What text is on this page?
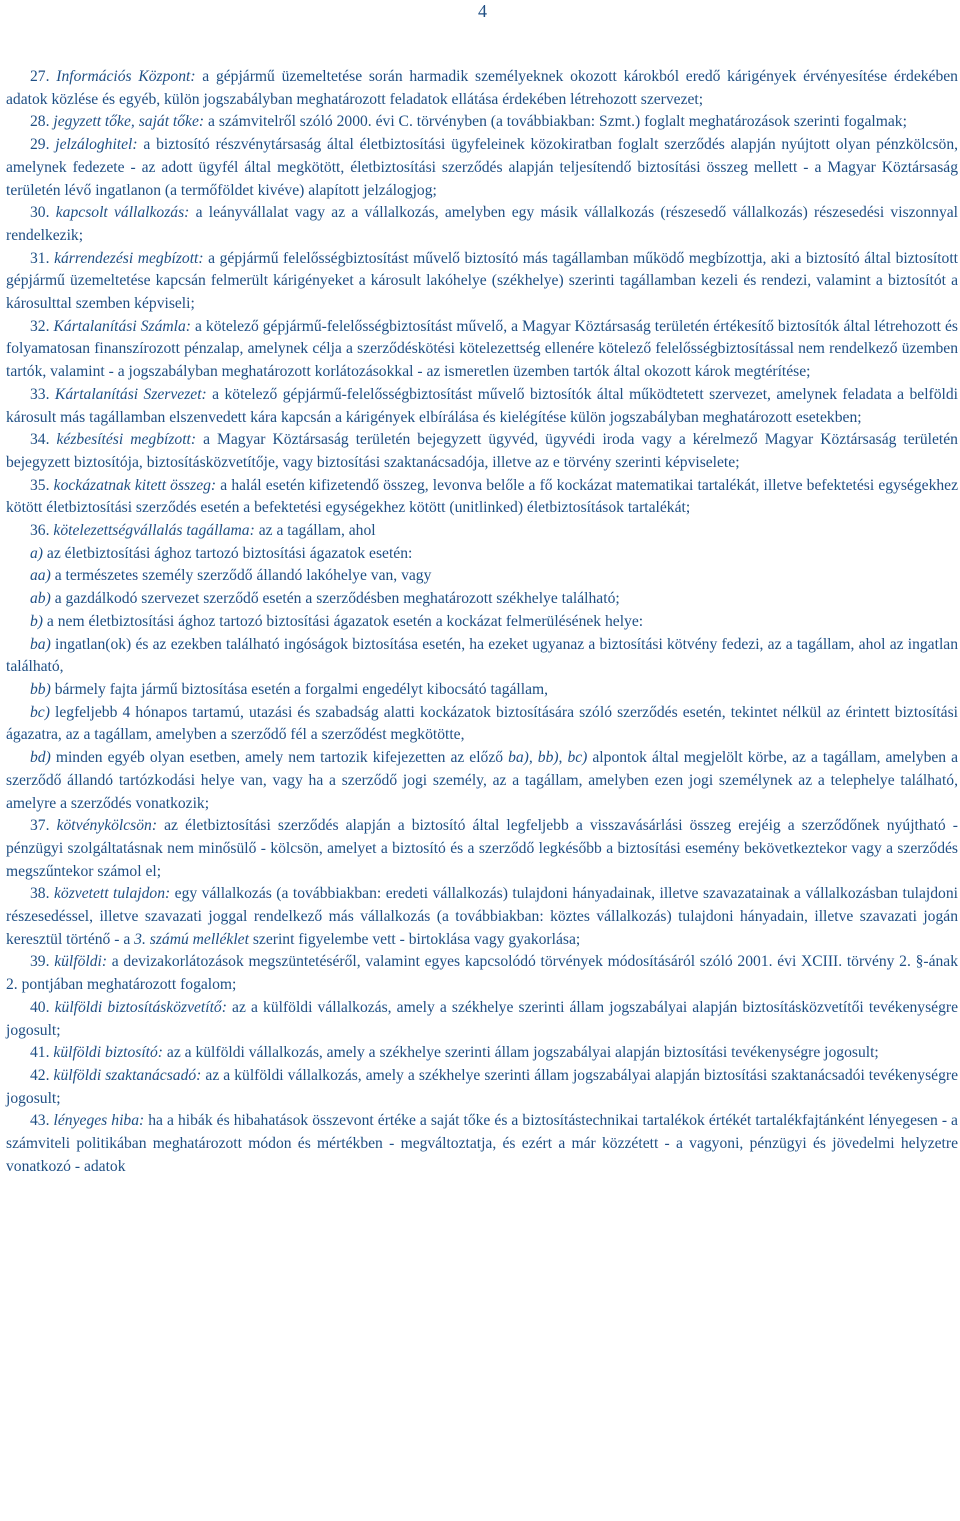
4

27. Információs Központ: a gépjármű üzemeltetése során harmadik személyeknek okozott károkból eredő kárigények érvényesítése érdekében adatok közlése és egyéb, külön jogszabályban meghatározott feladatok ellátása érdekében létrehozott szervezet;

28. jegyzett tőke, saját tőke: a számvitelről szóló 2000. évi C. törvényben (a továbbiakban: Szmt.) foglalt meghatározások szerinti fogalmak;

29. jelzáloghitel: a biztosító részvénytársaság által életbiztosítási ügyfeleinek közokiratban foglalt szerződés alapján nyújtott olyan pénzkölcsön, amelynek fedezete - az adott ügyfél által megkötött, életbiztosítási szerződés alapján teljesítendő biztosítási összeg mellett - a Magyar Köztársaság területén lévő ingatlanon (a termőföldet kivéve) alapított jelzálogjog;

30. kapcsolt vállalkozás: a leányvállalat vagy az a vállalkozás, amelyben egy másik vállalkozás (részesedő vállalkozás) részesedési viszonnyal rendelkezik;

31. kárrendezési megbízott: a gépjármű felelősségbiztosítást művelő biztosító más tagállamban működő megbízottja, aki a biztosító által biztosított gépjármű üzemeltetése kapcsán felmerült kárigényeket a károsult lakóhelye (székhelye) szerinti tagállamban kezeli és rendezi, valamint a biztosítót a károsulttal szemben képviseli;

32. Kártalanítási Számla: a kötelező gépjármű-felelősségbiztosítást művelő, a Magyar Köztársaság területén értékesítő biztosítók által létrehozott és folyamatosan finanszírozott pénzalap, amelynek célja a szerződéskötési kötelezettség ellenére kötelező felelősségbiztosítással nem rendelkező üzemben tartók, valamint - a jogszabályban meghatározott korlátozásokkal - az ismeretlen üzemben tartók által okozott károk megtérítése;

33. Kártalanítási Szervezet: a kötelező gépjármű-felelősségbiztosítást művelő biztosítók által működtetett szervezet, amelynek feladata a belföldi károsult más tagállamban elszenvedett kára kapcsán a kárigények elbírálása és kielégítése külön jogszabályban meghatározott esetekben;

34. kézbesítési megbízott: a Magyar Köztársaság területén bejegyzett ügyvéd, ügyvédi iroda vagy a kérelmező Magyar Köztársaság területén bejegyzett biztosítója, biztosításközvetítője, vagy biztosítási szaktanácsadója, illetve az e törvény szerinti képviselete;

35. kockázatnak kitett összeg: a halál esetén kifizetendő összeg, levonva belőle a fő kockázat matematikai tartalékát, illetve befektetési egységekhez kötött életbiztosítási szerződés esetén a befektetési egységekhez kötött (unitlinked) életbiztosítások tartalékát;

36. kötelezettségvállalás tagállama: az a tagállam, ahol

a) az életbiztosítási ághoz tartozó biztosítási ágazatok esetén:

aa) a természetes személy szerződő állandó lakóhelye van, vagy

ab) a gazdálkodó szervezet szerződő esetén a szerződésben meghatározott székhelye található;

b) a nem életbiztosítási ághoz tartozó biztosítási ágazatok esetén a kockázat felmerülésének helye:

ba) ingatlan(ok) és az ezekben található ingóságok biztosítása esetén, ha ezeket ugyanaz a biztosítási kötvény fedezi, az a tagállam, ahol az ingatlan található,

bb) bármely fajta jármű biztosítása esetén a forgalmi engedélyt kibocsátó tagállam,

bc) legfeljebb 4 hónapos tartamú, utazási és szabadság alatti kockázatok biztosítására szóló szerződés esetén, tekintet nélkül az érintett biztosítási ágazatra, az a tagállam, amelyben a szerződő fél a szerződést megkötötte,

bd) minden egyéb olyan esetben, amely nem tartozik kifejezetten az előző ba), bb), bc) alpontok által megjelölt körbe, az a tagállam, amelyben a szerződő állandó tartózkodási helye van, vagy ha a szerződő jogi személy, az a tagállam, amelyben ezen jogi személynek az a telephelye található, amelyre a szerződés vonatkozik;

37. kötvénykölcsön: az életbiztosítási szerződés alapján a biztosító által legfeljebb a visszavásárlási összeg erejéig a szerződőnek nyújtható - pénzügyi szolgáltatásnak nem minősülő - kölcsön, amelyet a biztosító és a szerződő legkésőbb a biztosítási esemény bekövetkeztekor vagy a szerződés megszűntekor számol el;

38. közvetett tulajdon: egy vállalkozás (a továbbiakban: eredeti vállalkozás) tulajdoni hányadainak, illetve szavazatainak a vállalkozásban tulajdoni részesedéssel, illetve szavazati joggal rendelkező más vállalkozás (a továbbiakban: köztes vállalkozás) tulajdoni hányadain, illetve szavazati jogán keresztül történő - a 3. számú melléklet szerint figyelembe vett - birtoklása vagy gyakorlása;

39. külföldi: a devizakorlátozások megszüntetéséről, valamint egyes kapcsolódó törvények módosításáról szóló 2001. évi XCIII. törvény 2. §-ának 2. pontjában meghatározott fogalom;

40. külföldi biztosításközvetítő: az a külföldi vállalkozás, amely a székhelye szerinti állam jogszabályai alapján biztosításközvetítői tevékenységre jogosult;

41. külföldi biztosító: az a külföldi vállalkozás, amely a székhelye szerinti állam jogszabályai alapján biztosítási tevékenységre jogosult;

42. külföldi szaktanácsadó: az a külföldi vállalkozás, amely a székhelye szerinti állam jogszabályai alapján biztosítási szaktanácsadói tevékenységre jogosult;

43. lényeges hiba: ha a hibák és hibahatások összevont értéke a saját tőke és a biztosítástechnikai tartalékok értékét tartalékfajtánként lényegesen - a számviteli politikában meghatározott módon és mértékben - megváltoztatja, és ezért a már közzétett - a vagyoni, pénzügyi és jövedelmi helyzetre vonatkozó - adatok
